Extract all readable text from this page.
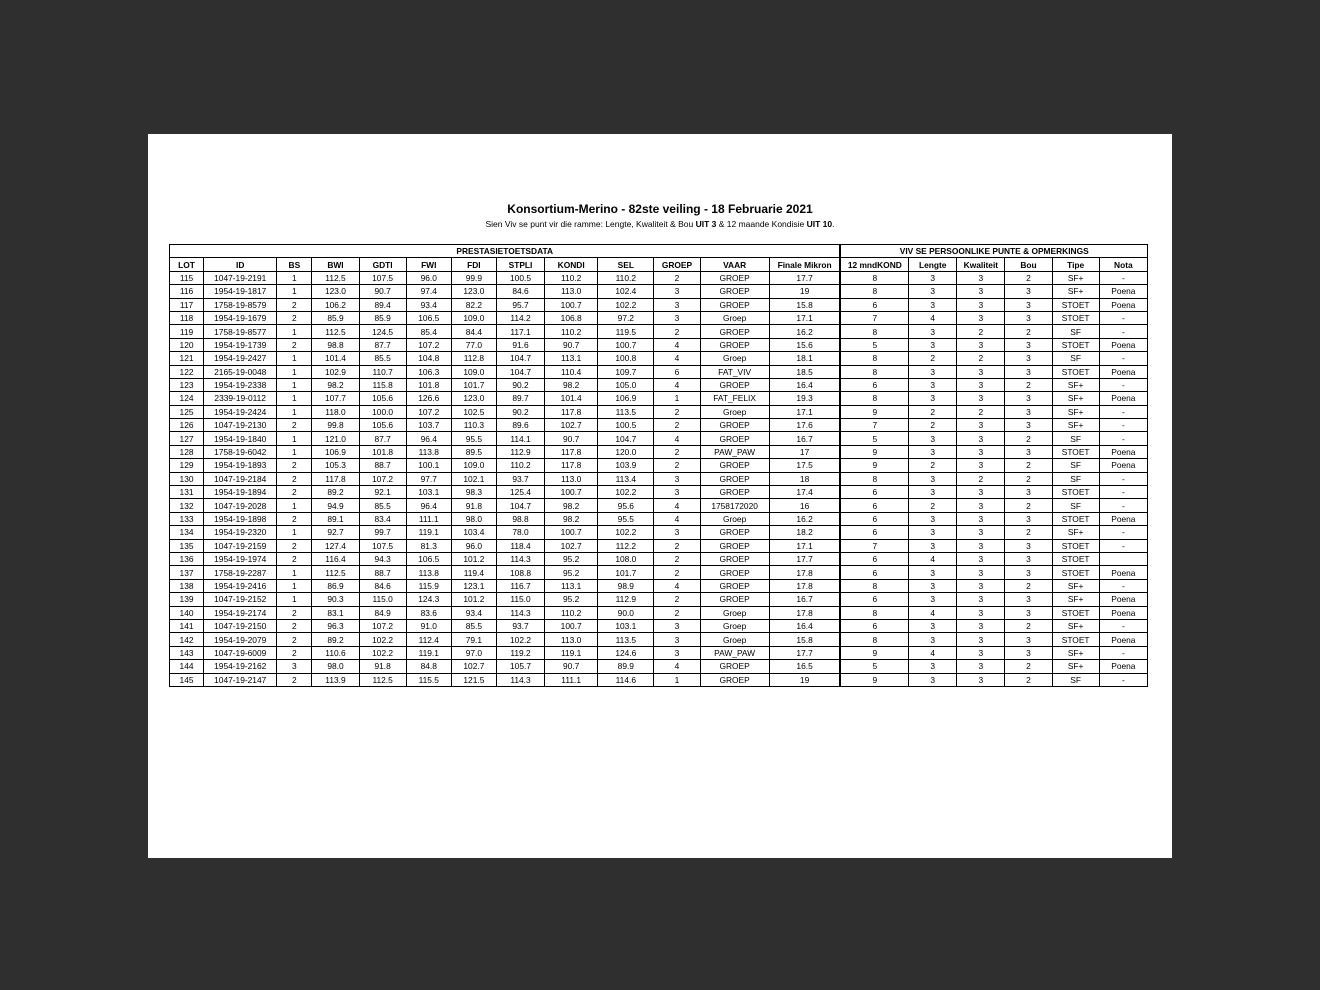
Konsortium-Merino - 82ste veiling - 18 Februarie 2021
Sien Viv se punt vir die ramme: Lengte, Kwaliteit & Bou UIT 3 & 12 maande Kondisie UIT 10.
PRESTASIETOETSDATA													VIV SE PERSOONLIKE PUNTE & OPMERKINGS					
LOT	ID	BS	BWI	GDTI	FWI	FDI	STPLI	KONDI	SEL	GROEP	VAAR	Finale Mikron	12 mndKOND	Lengte	Kwaliteit	Bou	Tipe	Nota
115	1047-19-2191	1	112.5	107.5	96.0	99.9	100.5	110.2	110.2	2	GROEP	17.7	8	3	3	2	SF+	-
116	1954-19-1817	1	123.0	90.7	97.4	123.0	84.6	113.0	102.4	3	GROEP	19	8	3	3	3	SF+	Poena
117	1758-19-8579	2	106.2	89.4	93.4	82.2	95.7	100.7	102.2	3	GROEP	15.8	6	3	3	3	STOET	Poena
118	1954-19-1679	2	85.9	85.9	106.5	109.0	114.2	106.8	97.2	3	Groep	17.1	7	4	3	3	STOET	-
119	1758-19-8577	1	112.5	124.5	85.4	84.4	117.1	110.2	119.5	2	GROEP	16.2	8	3	2	2	SF	-
120	1954-19-1739	2	98.8	87.7	107.2	77.0	91.6	90.7	100.7	4	GROEP	15.6	5	3	3	3	STOET	Poena
121	1954-19-2427	1	101.4	85.5	104.8	112.8	104.7	113.1	100.8	4	Groep	18.1	8	2	2	3	SF	-
122	2165-19-0048	1	102.9	110.7	106.3	109.0	104.7	110.4	109.7	6	FAT_VIV	18.5	8	3	3	3	STOET	Poena
123	1954-19-2338	1	98.2	115.8	101.8	101.7	90.2	98.2	105.0	4	GROEP	16.4	6	3	3	2	SF+	-
124	2339-19-0112	1	107.7	105.6	126.6	123.0	89.7	101.4	106.9	1	FAT_FELIX	19.3	8	3	3	3	SF+	Poena
125	1954-19-2424	1	118.0	100.0	107.2	102.5	90.2	117.8	113.5	2	Groep	17.1	9	2	2	3	SF+	-
126	1047-19-2130	2	99.8	105.6	103.7	110.3	89.6	102.7	100.5	2	GROEP	17.6	7	2	3	3	SF+	-
127	1954-19-1840	1	121.0	87.7	96.4	95.5	114.1	90.7	104.7	4	GROEP	16.7	5	3	3	2	SF	-
128	1758-19-6042	1	106.9	101.8	113.8	89.5	112.9	117.8	120.0	2	PAW_PAW	17	9	3	3	3	STOET	Poena
129	1954-19-1893	2	105.3	88.7	100.1	109.0	110.2	117.8	103.9	2	GROEP	17.5	9	2	3	2	SF	Poena
130	1047-19-2184	2	117.8	107.2	97.7	102.1	93.7	113.0	113.4	3	GROEP	18	8	3	2	2	SF	-
131	1954-19-1894	2	89.2	92.1	103.1	98.3	125.4	100.7	102.2	3	GROEP	17.4	6	3	3	3	STOET	-
132	1047-19-2028	1	94.9	85.5	96.4	91.8	104.7	98.2	95.6	4	1758172020	16	6	2	3	2	SF	-
133	1954-19-1898	2	89.1	83.4	111.1	98.0	98.8	98.2	95.5	4	Groep	16.2	6	3	3	3	STOET	Poena
134	1954-19-2320	1	92.7	99.7	119.1	103.4	78.0	100.7	102.2	3	GROEP	18.2	6	3	3	2	SF+	-
135	1047-19-2159	2	127.4	107.5	81.3	96.0	118.4	102.7	112.2	2	GROEP	17.1	7	3	3	3	STOET	-
136	1954-19-1974	2	116.4	94.3	106.5	101.2	114.3	95.2	108.0	2	GROEP	17.7	6	4	3	3	STOET	
137	1758-19-2287	1	112.5	88.7	113.8	119.4	108.8	95.2	101.7	2	GROEP	17.8	6	3	3	3	STOET	Poena
138	1954-19-2416	1	86.9	84.6	115.9	123.1	116.7	113.1	98.9	4	GROEP	17.8	8	3	3	2	SF+	-
139	1047-19-2152	1	90.3	115.0	124.3	101.2	115.0	95.2	112.9	2	GROEP	16.7	6	3	3	3	SF+	Poena
140	1954-19-2174	2	83.1	84.9	83.6	93.4	114.3	110.2	90.0	2	Groep	17.8	8	4	3	3	STOET	Poena
141	1047-19-2150	2	96.3	107.2	91.0	85.5	93.7	100.7	103.1	3	Groep	16.4	6	3	3	2	SF+	-
142	1954-19-2079	2	89.2	102.2	112.4	79.1	102.2	113.0	113.5	3	Groep	15.8	8	3	3	3	STOET	Poena
143	1047-19-6009	2	110.6	102.2	119.1	97.0	119.2	119.1	124.6	3	PAW_PAW	17.7	9	4	3	3	SF+	-
144	1954-19-2162	3	98.0	91.8	84.8	102.7	105.7	90.7	89.9	4	GROEP	16.5	5	3	3	2	SF+	Poena
145	1047-19-2147	2	113.9	112.5	115.5	121.5	114.3	111.1	114.6	1	GROEP	19	9	3	3	2	SF	-
